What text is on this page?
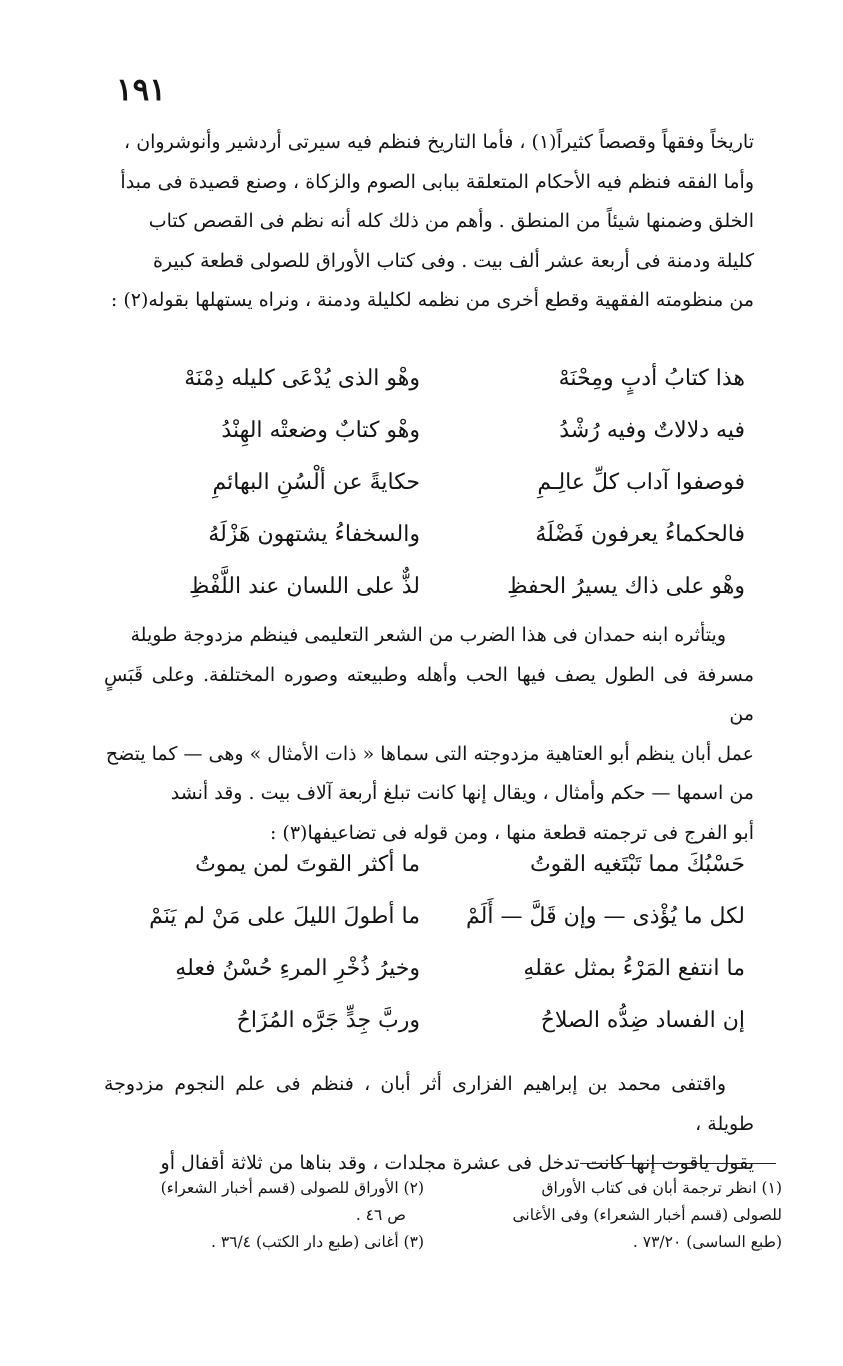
١٩١

تاريخاً وفقهاً وقصصاً كثيراً(١) ، فأما التاريخ فنظم فيه سيرتى أردشير وأنوشروان ،

وأما الفقه فنظم فيه الأحكام المتعلقة ببابى الصوم والزكاة ، وصنع قصيدة فى مبدأ

الخلق وضمنها شيئاً من المنطق . وأهم من ذلك كله أنه نظم فى القصص كتاب

كليلة ودمنة فى أربعة عشر ألف بيت . وفى كتاب الأوراق للصولى قطعة كبيرة

من منظومته الفقهية وقطع أخرى من نظمه لكليلة ودمنة ، ونراه يستهلها بقوله(٢) :

هذا كتابُ أدبٍ ومِحْنَهْ
وهْو الذى يُدْعَى كليله دِمْنَهْ
فيه دلالاتٌ وفيه رُشْدُ
وهْو كتابٌ وضعتْه الهِنْدُ
فوصفوا آداب كلِّ عالِـمِ
حكايةً عن ألْسُنِ البهائمِ
فالحكماءُ يعرفون فَضْلَهُ
والسخفاءُ يشتهون هَزْلَهُ
وهْو على ذاك يسيرُ الحفظِ
لذٌّ على اللسان عند اللَّفْظِ

ويتأثره ابنه حمدان فى هذا الضرب من الشعر التعليمى فينظم مزدوجة طويلة

مسرفة فى الطول يصف فيها الحب وأهله وطبيعته وصوره المختلفة. وعلى قَبَسٍ من
عمل أبان ينظم أبو العتاهية مزدوجته التى سماها « ذات الأمثال » وهى — كما يتضح
من اسمها — حكم وأمثال ، ويقال إنها كانت تبلغ أربعة آلاف بيت . وقد أنشد
أبو الفرج فى ترجمته قطعة منها ، ومن قوله فى تضاعيفها(٣) :
حَسْبُكَ مما تَبْتَغيه القوتُ
ما أكثر القوتَ لمن يموتُ
لكل ما يُؤْذى — وإن قَلَّ — أَلَمْ
ما أطولَ الليلَ على مَنْ لم يَنَمْ
ما انتفع المَرْءُ بمثل عقلهِ
وخيرُ ذُخْرِ المرءِ حُسْنُ فعلهِ
إن الفساد ضِدُّه الصلاحُ
وربَّ جِدٍّ جَرَّه المُزَاحُ

واقتفى محمد بن إبراهيم الفزارى أثر أبان ، فنظم فى علم النجوم مزدوجة طويلة ،

يقول ياقوت إنها كانت تدخل فى عشرة مجلدات ، وقد بناها من ثلاثة أقفال أو

(١) انظر ترجمة أبان فى كتاب الأوراق

للصولى (قسم أخبار الشعراء) وفى الأغانى

(طبع الساسى) ٧٣/٢٠ .

(٢) الأوراق للصولى (قسم أخبار الشعراء)

ص ٤٦ .

(٣) أغانى (طبع دار الكتب) ٣٦/٤ .
